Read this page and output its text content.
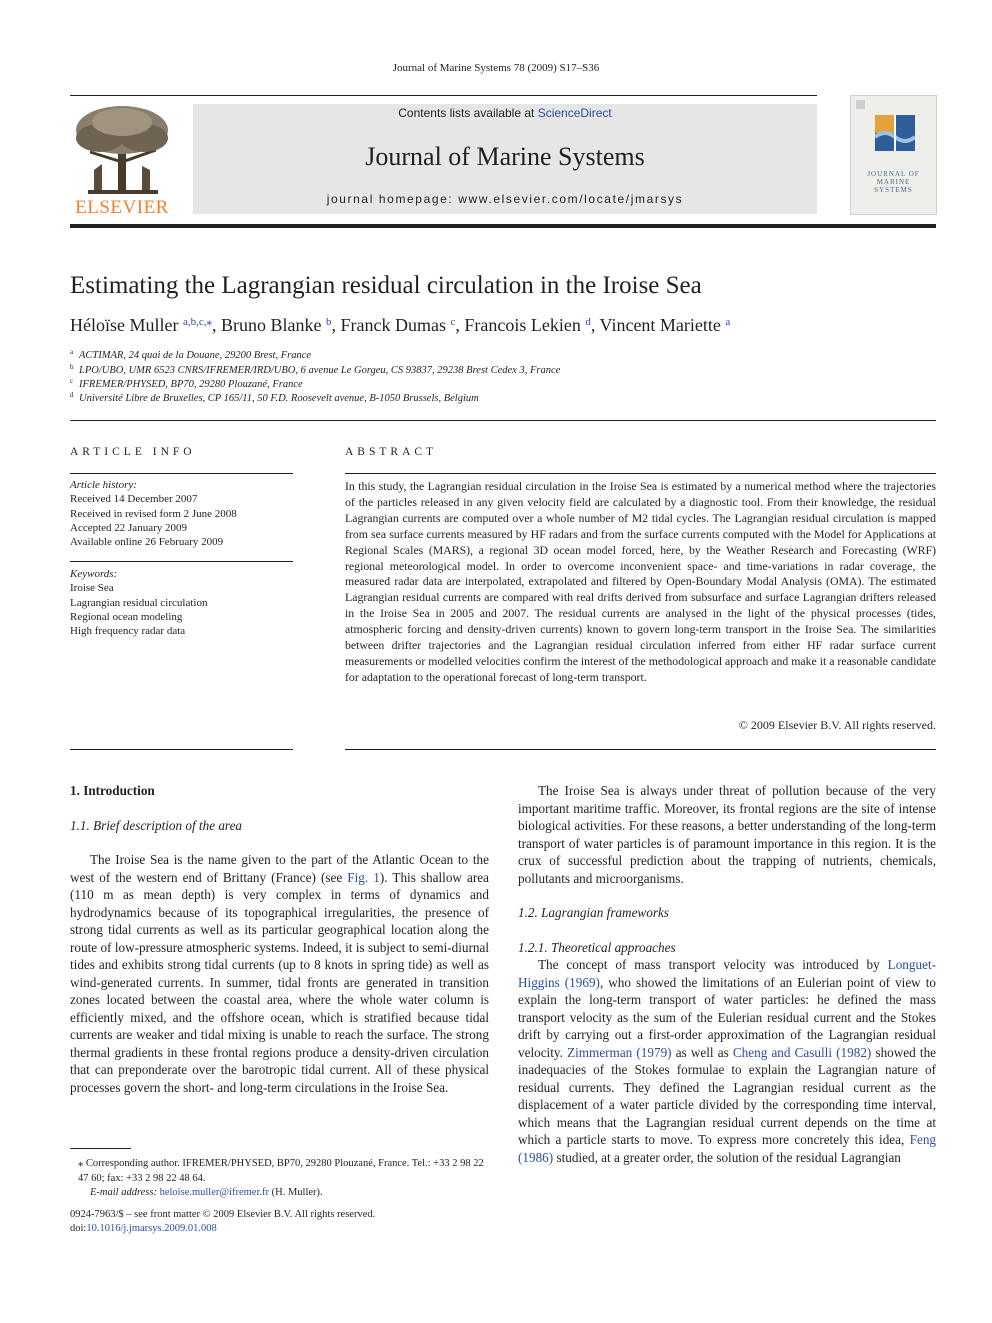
Journal of Marine Systems 78 (2009) S17–S36
ELSEVIER
Contents lists available at ScienceDirect
Journal of Marine Systems
journal homepage: www.elsevier.com/locate/jmarsys
JOURNAL OF
MARINE
SYSTEMS
Estimating the Lagrangian residual circulation in the Iroise Sea
Héloïse Muller $^{a,b,c,⁎}$, Bruno Blanke $^b$, Franck Dumas $^c$, Francois Lekien $^d$, Vincent Mariette $^a$
$^a$ ACTIMAR, 24 quai de la Douane, 29200 Brest, France
$^b$ LPO/UBO, UMR 6523 CNRS/IFREMER/IRD/UBO, 6 avenue Le Gorgeu, CS 93837, 29238 Brest Cedex 3, France
$^c$ IFREMER/PHYSED, BP70, 29280 Plouzané, France
$^d$ Université Libre de Bruxelles, CP 165/11, 50 F.D. Roosevelt avenue, B-1050 Brussels, Belgium
ARTICLE INFO
Article history:
Received 14 December 2007
Received in revised form 2 June 2008
Accepted 22 January 2009
Available online 26 February 2009
Keywords:
Iroise Sea
Lagrangian residual circulation
Regional ocean modeling
High frequency radar data
ABSTRACT
In this study, the Lagrangian residual circulation in the Iroise Sea is estimated by a numerical method where the trajectories of the particles released in any given velocity field are calculated by a diagnostic tool. From their knowledge, the residual Lagrangian currents are computed over a whole number of M2 tidal cycles. The Lagrangian residual circulation is mapped from sea surface currents measured by HF radars and from the surface currents computed with the Model for Applications at Regional Scales (MARS), a regional 3D ocean model forced, here, by the Weather Research and Forecasting (WRF) regional meteorological model. In order to overcome inconvenient space- and time-variations in radar coverage, the measured radar data are interpolated, extrapolated and filtered by Open-Boundary Modal Analysis (OMA). The estimated Lagrangian residual currents are compared with real drifts derived from subsurface and surface Lagrangian drifters released in the Iroise Sea in 2005 and 2007. The residual currents are analysed in the light of the physical processes (tides, atmospheric forcing and density-driven currents) known to govern long-term transport in the Iroise Sea. The similarities between drifter trajectories and the Lagrangian residual circulation inferred from either HF radar surface current measurements or modelled velocities confirm the interest of the methodological approach and make it a reasonable candidate for adaptation to the operational forecast of long-term transport.
© 2009 Elsevier B.V. All rights reserved.

1. Introduction

1.1. Brief description of the area

The Iroise Sea is the name given to the part of the Atlantic Ocean to the west of the western end of Brittany (France) (see Fig. 1). This shallow area (110 m as mean depth) is very complex in terms of dynamics and hydrodynamics because of its topographical irregularities, the presence of strong tidal currents as well as its particular geographical location along the route of low-pressure atmospheric systems. Indeed, it is subject to semi-diurnal tides and exhibits strong tidal currents (up to 8 knots in spring tide) as well as wind-generated currents. In summer, tidal fronts are generated in transition zones located between the coastal area, where the whole water column is efficiently mixed, and the offshore ocean, which is stratified because tidal currents are weaker and tidal mixing is unable to reach the surface. The strong thermal gradients in these frontal regions produce a density-driven circulation that can preponderate over the barotropic tidal current. All of these physical processes govern the short- and long-term circulations in the Iroise Sea.

⁎ Corresponding author. IFREMER/PHYSED, BP70, 29280 Plouzané, France. Tel.: +33 2 98 22 47 60; fax: +33 2 98 22 48 64.
E-mail address: heloise.muller@ifremer.fr (H. Muller).
0924-7963/$ – see front matter © 2009 Elsevier B.V. All rights reserved.
doi:10.1016/j.jmarsys.2009.01.008

The Iroise Sea is always under threat of pollution because of the very important maritime traffic. Moreover, its frontal regions are the site of intense biological activities. For these reasons, a better understanding of the long-term transport of water particles is of paramount importance in this region. It is the crux of successful prediction about the trapping of nutrients, chemicals, pollutants and microorganisms.

1.2. Lagrangian frameworks

1.2.1. Theoretical approaches

The concept of mass transport velocity was introduced by Longuet-Higgins (1969), who showed the limitations of an Eulerian point of view to explain the long-term transport of water particles: he defined the mass transport velocity as the sum of the Eulerian residual current and the Stokes drift by carrying out a first-order approximation of the Lagrangian residual velocity. Zimmerman (1979) as well as Cheng and Casulli (1982) showed the inadequacies of the Stokes formulae to explain the Lagrangian nature of residual currents. They defined the Lagrangian residual current as the displacement of a water particle divided by the corresponding time interval, which means that the Lagrangian residual current depends on the time at which a particle starts to move. To express more concretely this idea, Feng (1986) studied, at a greater order, the solution of the residual Lagrangian
